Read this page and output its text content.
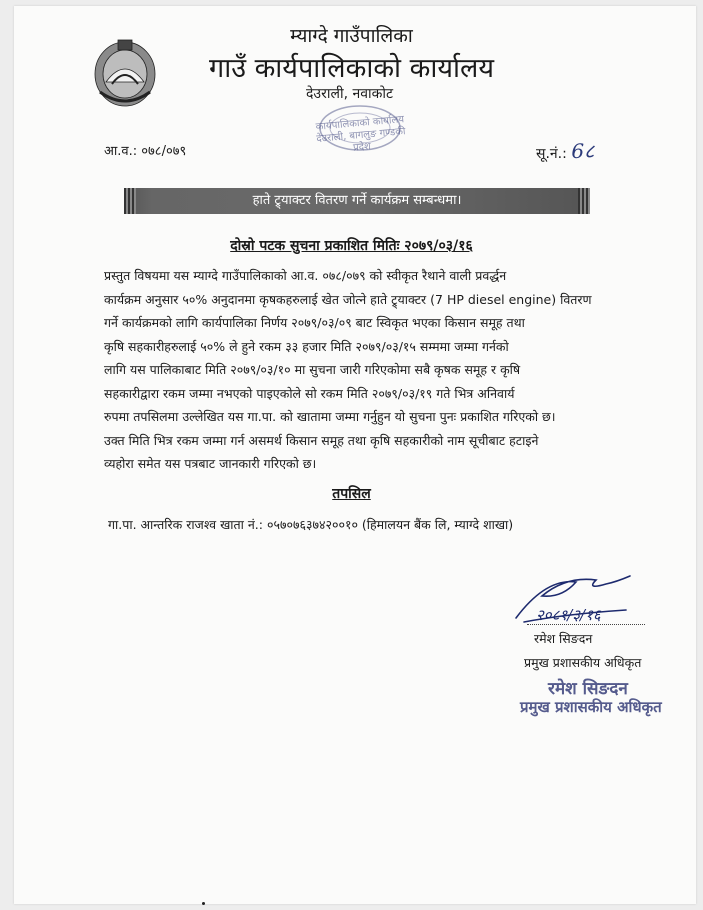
म्याग्दे गाउँपालिका
गाउँ कार्यपालिकाको कार्यालय
देउराली, नवाकोट
कार्यपालिकाको कार्यालय देउराली, बागलुङ गण्डकी प्रदेश
आ.व.: ०७८/०७९	सू.नं.: 6८
हाते ट्र्याक्टर वितरण गर्ने कार्यक्रम सम्बन्धमा।
दोस्रो पटक सुचना प्रकाशित मितिः २०७९/०३/१६
प्रस्तुत विषयमा यस म्याग्दे गाउँपालिकाको आ.व. ०७८/०७९ को स्वीकृत रैथाने वाली प्रवर्द्धन
कार्यक्रम अनुसार ५०% अनुदानमा कृषकहरुलाई खेत जोत्ने हाते ट्र्याक्टर (7 HP diesel engine) वितरण
गर्ने कार्यक्रमको लागि कार्यपालिका निर्णय २०७९/०३/०९ बाट स्विकृत भएका किसान समूह तथा
कृषि सहकारीहरुलाई ५०% ले हुने रकम ३३ हजार मिति २०७९/०३/१५ सम्ममा जम्मा गर्नको
लागि यस पालिकाबाट मिति २०७९/०३/१० मा सुचना जारी गरिएकोमा सबै कृषक समूह र कृषि
सहकारीद्वारा रकम जम्मा नभएको पाइएकोले सो रकम मिति २०७९/०३/१९ गते भित्र अनिवार्य
रुपमा तपसिलमा उल्लेखित यस गा.पा. को खातामा जम्मा गर्नुहुन यो सुचना पुनः प्रकाशित गरिएको छ।
उक्त मिति भित्र रकम जम्मा गर्न असमर्थ किसान समूह तथा कृषि सहकारीको नाम सूचीबाट हटाइने
व्यहोरा समेत यस पत्रबाट जानकारी गरिएको छ।
तपसिल
गा.पा. आन्तरिक राजश्व खाता नं.: ०५७०७६३७४२००१० (हिमालयन बैंक लि, म्याग्दे शाखा)
२०८१/३/१६
रमेश सिङदन
प्रमुख प्रशासकीय अधिकृत
रमेश सिङदन
प्रमुख प्रशासकीय अधिकृत
